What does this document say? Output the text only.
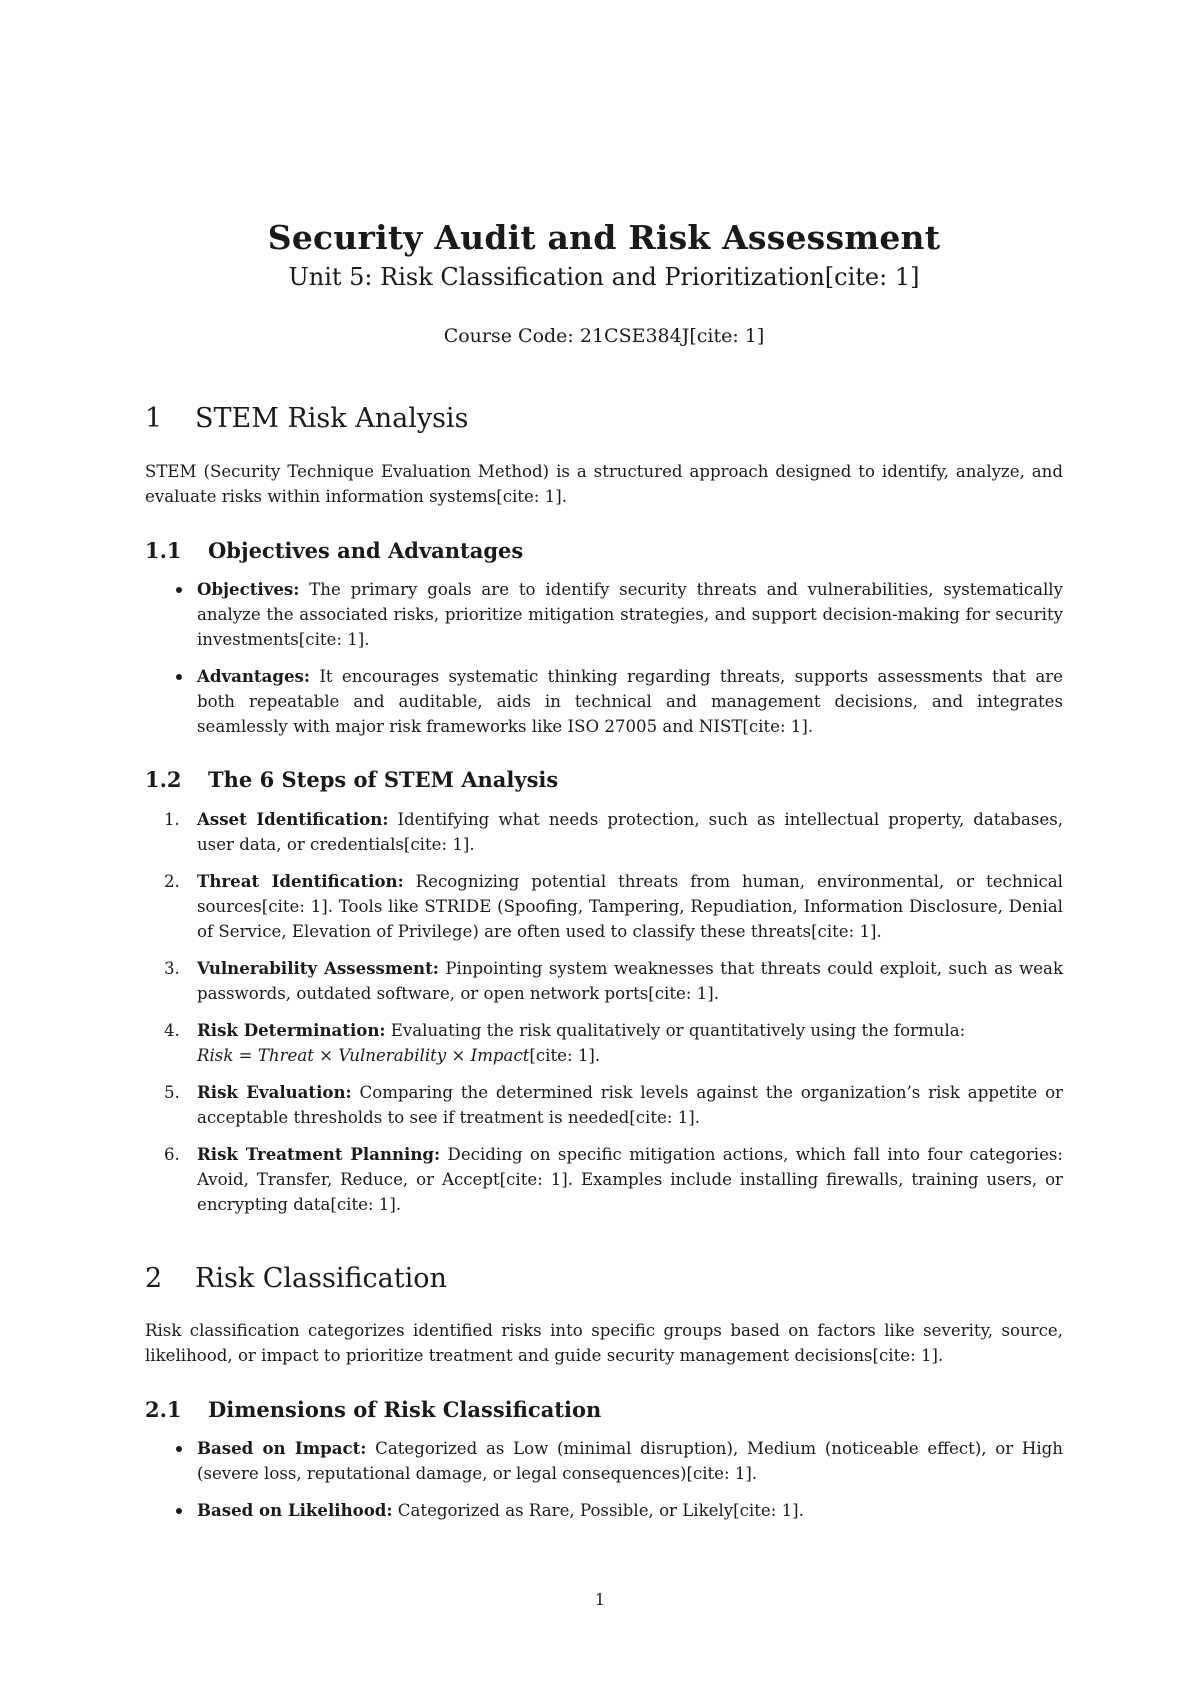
Security Audit and Risk Assessment
Unit 5: Risk Classification and Prioritization[cite: 1]
Course Code: 21CSE384J[cite: 1]
1 STEM Risk Analysis
STEM (Security Technique Evaluation Method) is a structured approach designed to identify, analyze, and evaluate risks within information systems[cite: 1].
1.1 Objectives and Advantages
Objectives: The primary goals are to identify security threats and vulnerabilities, systematically analyze the associated risks, prioritize mitigation strategies, and support decision-making for security investments[cite: 1].
Advantages: It encourages systematic thinking regarding threats, supports assessments that are both repeatable and auditable, aids in technical and management decisions, and integrates seamlessly with major risk frameworks like ISO 27005 and NIST[cite: 1].
1.2 The 6 Steps of STEM Analysis
1.	Asset Identification: Identifying what needs protection, such as intellectual property, databases, user data, or credentials[cite: 1].
2.	Threat Identification: Recognizing potential threats from human, environmental, or technical sources[cite: 1]. Tools like STRIDE (Spoofing, Tampering, Repudiation, Information Disclosure, Denial of Service, Elevation of Privilege) are often used to classify these threats[cite: 1].
3.	Vulnerability Assessment: Pinpointing system weaknesses that threats could exploit, such as weak passwords, outdated software, or open network ports[cite: 1].
4.	Risk Determination: Evaluating the risk qualitatively or quantitatively using the formula:
Risk = Threat × Vulnerability × Impact[cite: 1].
5.	Risk Evaluation: Comparing the determined risk levels against the organization’s risk appetite or acceptable thresholds to see if treatment is needed[cite: 1].
6.	Risk Treatment Planning: Deciding on specific mitigation actions, which fall into four categories: Avoid, Transfer, Reduce, or Accept[cite: 1]. Examples include installing firewalls, training users, or encrypting data[cite: 1].
2 Risk Classification
Risk classification categorizes identified risks into specific groups based on factors like severity, source, likelihood, or impact to prioritize treatment and guide security management decisions[cite: 1].
2.1 Dimensions of Risk Classification
Based on Impact: Categorized as Low (minimal disruption), Medium (noticeable effect), or High (severe loss, reputational damage, or legal consequences)[cite: 1].
Based on Likelihood: Categorized as Rare, Possible, or Likely[cite: 1].
1
